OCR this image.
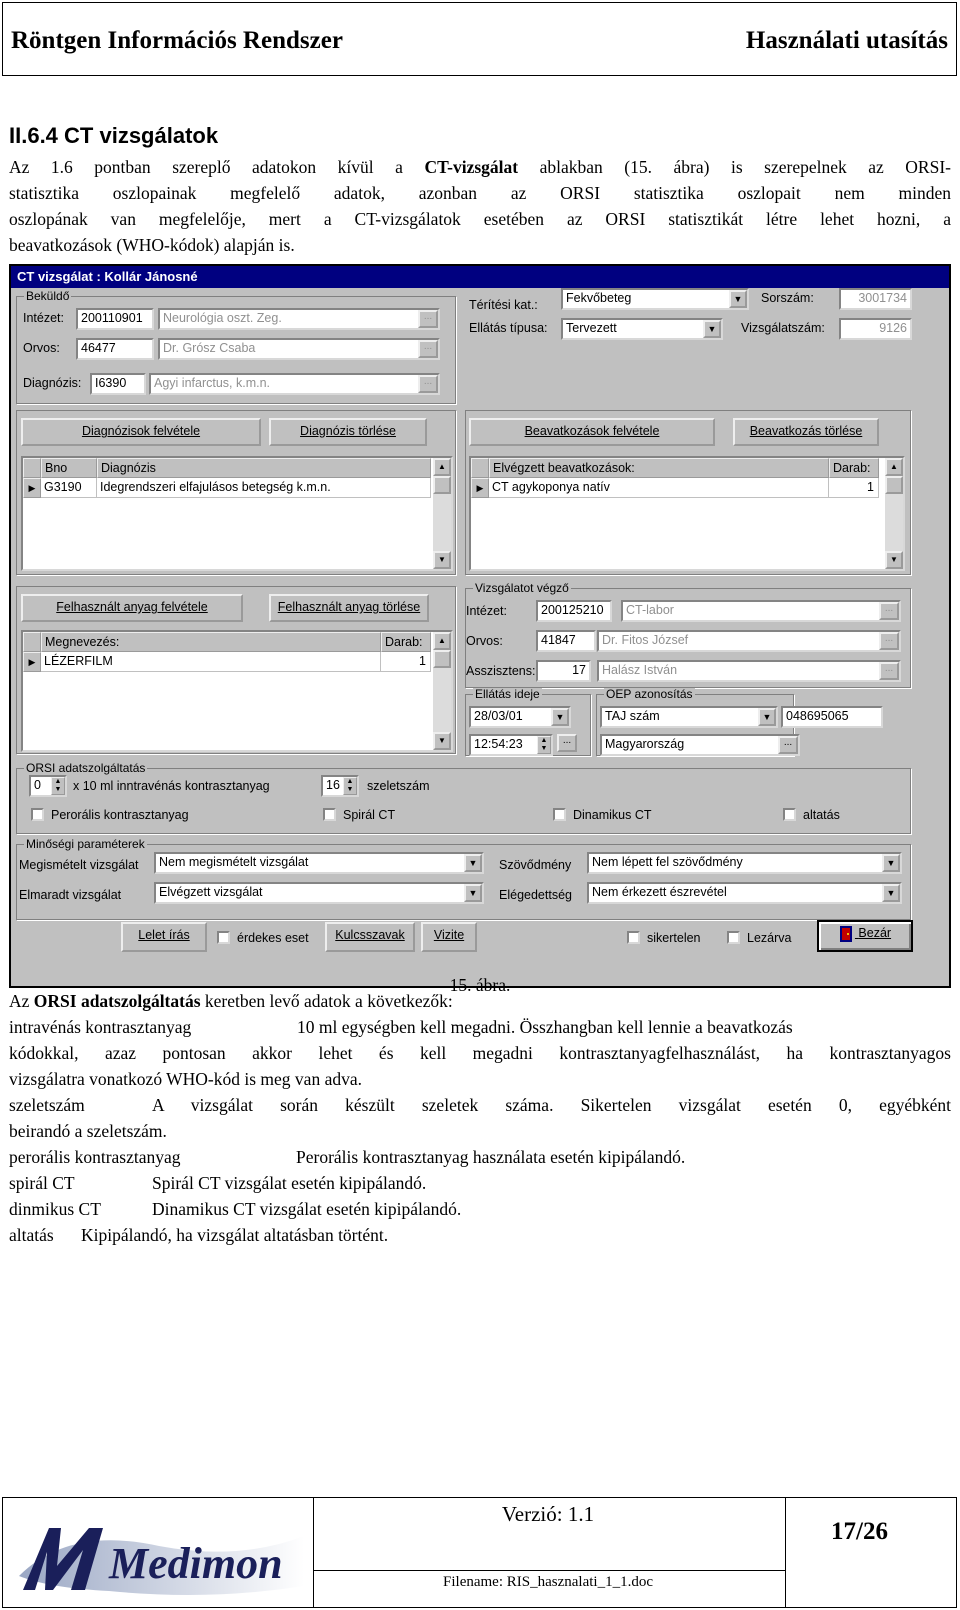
Röntgen Információs Rendszer	Használati utasítás
II.6.4 CT vizsgálatok
Az 1.6 pontban szereplő adatokon kívül a CT-vizsgálat ablakban (15. ábra) is szerepelnek az ORSI-
statisztika oszlopainak megfelelő adatok, azonban az ORSI statisztika oszlopait nem minden
oszlopának van megfelelője, mert a CT-vizsgálatok esetében az ORSI statisztikát létre lehet hozni, a
beavatkozások (WHO-kódok) alapján is.
CT vizsgálat : Kollár Jánosné
Beküldő
Intézet:	200110901	Neurológia oszt. Zeg.	...
Orvos:	46477	Dr. Grósz Csaba	...
Diagnózis:	I6390	Agyi infarctus, k.m.n.	...
Térítési kat.:	Fekvőbeteg	▼
Ellátás típusa:	Tervezett	▼
Sorszám:	3001734
Vizsgálatszám:	9126
Diagnózisok felvétele	Diagnózis törlése
Bno	Diagnózis
▶ G3190	Idegrendszeri elfajulásos betegség k.m.n.
▲
▼
Beavatkozások felvétele	Beavatkozás törlése
Elvégzett beavatkozások:	Darab:
▶ CT agykoponya natív	1
▲
▼
Felhasznált anyag felvétele	Felhasznált anyag törlése
Megnevezés:	Darab:
▶ LÉZERFILM	1
▲
▼
Vizsgálatot végző
Intézet:	200125210	CT-labor	...
Orvos:	41847	Dr. Fitos József	...
Asszisztens:	17	Halász István	...
Ellátás ideje
28/03/01	▼
12:54:23	▲
▼
...
OEP azonosítás
TAJ szám	▼	048695065
Magyarország	...
ORSI adatszolgáltatás
0	▲
▼ x 10 ml inntravénás kontrasztanyag	16 ▲
▼ szeletszám
Perorális kontrasztanyag	Spirál CT	Dinamikus CT	altatás
Minőségi paraméterek
Megismételt vizsgálat	Nem megismételt vizsgálat	▼
Elmaradt vizsgálat	Elvégzett vizsgálat	▼
Szövődmény	Nem lépett fel szövődmény	▼
Elégedettség	Nem érkezett észrevétel	▼
Lelet írás	érdekes eset	Kulcsszavak	Vizite	sikertelen	Lezárva	Bezár
15. ábra.
Az ORSI adatszolgáltatás keretben levő adatok a következők:
intravénás kontrasztanyag	10 ml egységben kell megadni. Összhangban kell lennie a beavatkozás
kódokkal, azaz pontosan akkor lehet és kell megadni kontrasztanyagfelhasználást, ha kontrasztanyagos
vizsgálatra vonatkozó WHO-kód is meg van adva.
szeletszám	A vizsgálat során készült szeletek száma. Sikertelen vizsgálat esetén 0, egyébként
beirandó a szeletszám.
perorális kontrasztanyag	Perorális kontrasztanyag használata esetén kipipálandó.
spirál CT	Spirál CT vizsgálat esetén kipipálandó.
dinmikus CT	Dinamikus CT vizsgálat esetén kipipálandó.
altatás Kipipálandó, ha vizsgálat altatásban történt.
Medimon
Verzió: 1.1
Filename: RIS_hasznalati_1_1.doc
17/26
